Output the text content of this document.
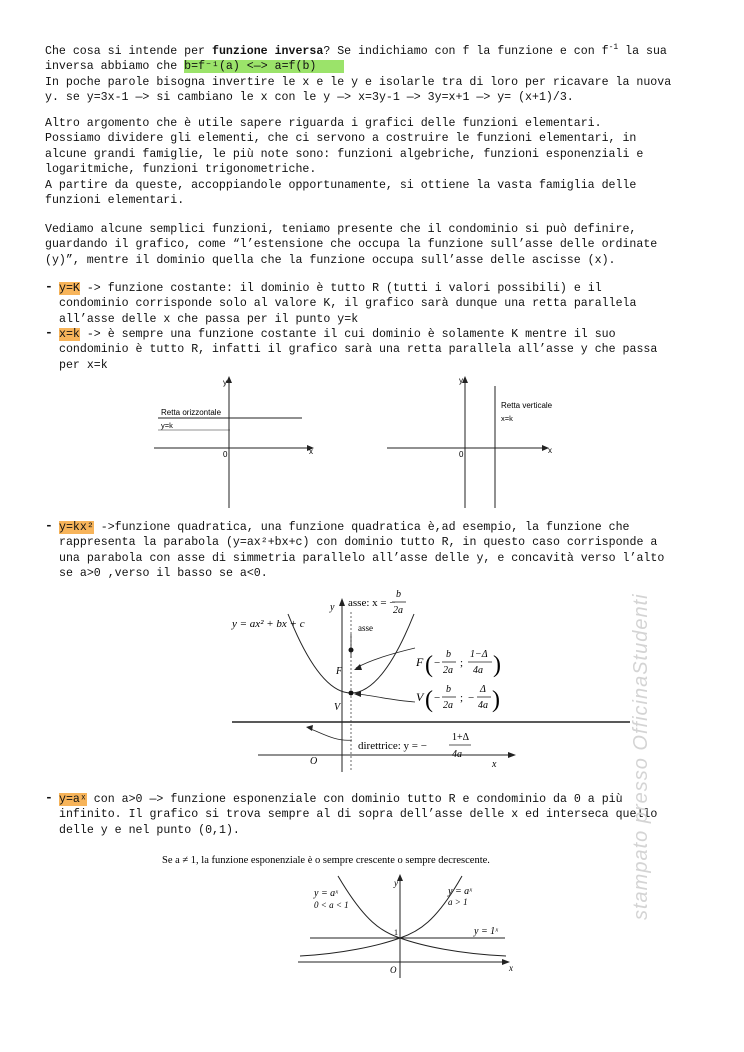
Che cosa si intende per funzione inversa? Se indichiamo con f la funzione e con $f^{-1}$ la sua
inversa abbiamo che b=f⁻¹(a) <—> a=f(b)
In poche parole bisogna invertire le x e le y e isolarle tra di loro per ricavare la nuova
y. se y=3x-1 —> si cambiano le x con le y —> x=3y-1 —> 3y=x+1 —> y= (x+1)/3.
Altro argomento che è utile sapere riguarda i grafici delle funzioni elementari.
Possiamo dividere gli elementi, che ci servono a costruire le funzioni elementari, in
alcune grandi famiglie, le più note sono: funzioni algebriche, funzioni esponenziali e
logaritmiche, funzioni trigonometriche.
A partire da queste, accoppiandole opportunamente, si ottiene la vasta famiglia delle
funzioni elementari.
Vediamo alcune semplici funzioni, teniamo presente che il condominio si può definire,
guardando il grafico, come “l’estensione che occupa la funzione sull’asse delle ordinate
(y)”, mentre il dominio quella che la funzione occupa sull’asse delle ascisse (x).
- y=K -> funzione costante: il dominio è tutto R (tutti i valori possibili) e il
condominio corrisponde solo al valore K, il grafico sarà dunque una retta parallela
all’asse delle x che passa per il punto y=k
- x=k -> è sempre una funzione costante il cui dominio è solamente K mentre il suo
condominio è tutto R, infatti il grafico sarà una retta parallela all’asse y che passa
per x=k
y
x
0
Retta orizzontale
y=k
y
x
0
Retta verticale
x=k
- y=kx² ->funzione quadratica, una funzione quadratica è,ad esempio, la funzione che
rappresenta la parabola (y=ax²+bx+c) con dominio tutto R, in questo caso corrisponde a
una parabola con asse di simmetria parallelo all’asse delle y, e concavità verso l’alto
se a>0 ,verso il basso se a<0.
y = ax² + bx + c
y asse: x = −
b
2a
asse
F
V
F ( −
b
2a
;
1−Δ
4a )
V ( −
b
2a
; −
Δ
4a )
direttrice: y = −
1+Δ
4a
O	x
- y=aˣ con a>0 —> funzione esponenziale con dominio tutto R e condominio da 0 a più
infinito. Il grafico si trova sempre al di sopra dell’asse delle x ed interseca quello
delle y e nel punto (0,1).
Se a ≠ 1, la funzione esponenziale è o sempre crescente o sempre decrescente.
y
x
O
1
y = aˣ
0 < a < 1
y = aˣ
a > 1
y = 1ˣ
stampato presso OfficinaStudenti
